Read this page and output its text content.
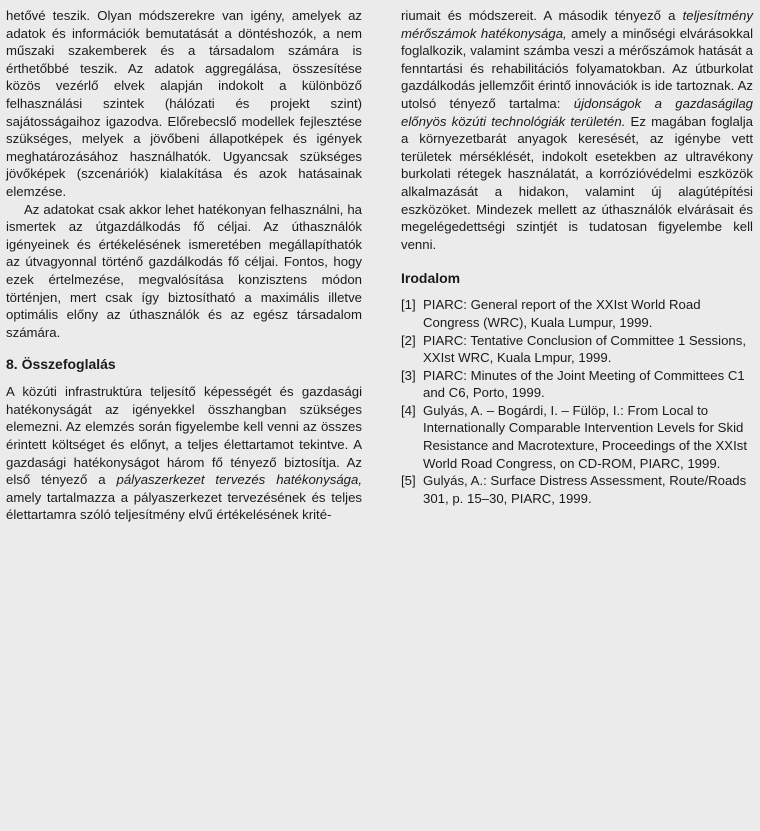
hetővé teszik. Olyan módszerekre van igény, amelyek az adatok és információk bemutatását a döntéshozók, a nem műszaki szakemberek és a társadalom számára is érthetőbbé teszik. Az adatok aggregálása, összesítése közös vezérlő elvek alapján indokolt a különböző felhasználási szintek (hálózati és projekt szint) sajátosságaihoz igazodva. Előrebecslő modellek fejlesztése szükséges, melyek a jövőbeni állapotképek és igények meghatározásához használhatók. Ugyancsak szükséges jövőképek (szcenáriók) kialakítása és azok hatásainak elemzése.

Az adatokat csak akkor lehet hatékonyan felhasználni, ha ismertek az útgazdálkodás fő céljai. Az úthasználók igényeinek és értékelésének ismeretében megállapíthatók az útvagyonnal történő gazdálkodás fő céljai. Fontos, hogy ezek értelmezése, megvalósítása konzisztens módon történjen, mert csak így biztosítható a maximális illetve optimális előny az úthasználók és az egész társadalom számára.

8. Összefoglalás

A közúti infrastruktúra teljesítő képességét és gazdasági hatékonyságát az igényekkel összhangban szükséges elemezni. Az elemzés során figyelembe kell venni az összes érintett költséget és előnyt, a teljes élettartamot tekintve. A gazdasági hatékonyságot három fő tényező biztosítja. Az első tényező a pályaszerkezet tervezés hatékonysága, amely tartalmazza a pályaszerkezet tervezésének és teljes élettartamra szóló teljesítmény elvű értékelésének krité-

riumait és módszereit. A második tényező a teljesítmény mérőszámok hatékonysága, amely a minőségi elvárásokkal foglalkozik, valamint számba veszi a mérőszámok hatását a fenntartási és rehabilitációs folyamatokban. Az útburkolat gazdálkodás jellemzőit érintő innovációk is ide tartoznak. Az utolsó tényező tartalma: újdonságok a gazdaságilag előnyös közúti technológiák területén. Ez magában foglalja a környezetbarát anyagok keresését, az igénybe vett területek mérséklését, indokolt esetekben az ultravékony burkolati rétegek használatát, a korrózióvédelmi eszközök alkalmazását a hidakon, valamint új alagútépítési eszközöket. Mindezek mellett az úthasználók elvárásait és megelégedettségi szintjét is tudatosan figyelembe kell venni.

Irodalom
[1] PIARC: General report of the XXIst World Road Congress (WRC), Kuala Lumpur, 1999.
[2] PIARC: Tentative Conclusion of Committee 1 Sessions, XXIst WRC, Kuala Lmpur, 1999.
[3] PIARC: Minutes of the Joint Meeting of Committees C1 and C6, Porto, 1999.
[4] Gulyás, A. – Bogárdi, I. – Fülöp, I.: From Local to Internationally Comparable Intervention Levels for Skid Resistance and Macrotexture, Proceedings of the XXIst World Road Congress, on CD-ROM, PIARC, 1999.
[5] Gulyás, A.: Surface Distress Assessment, Route/Roads 301, p. 15–30, PIARC, 1999.
